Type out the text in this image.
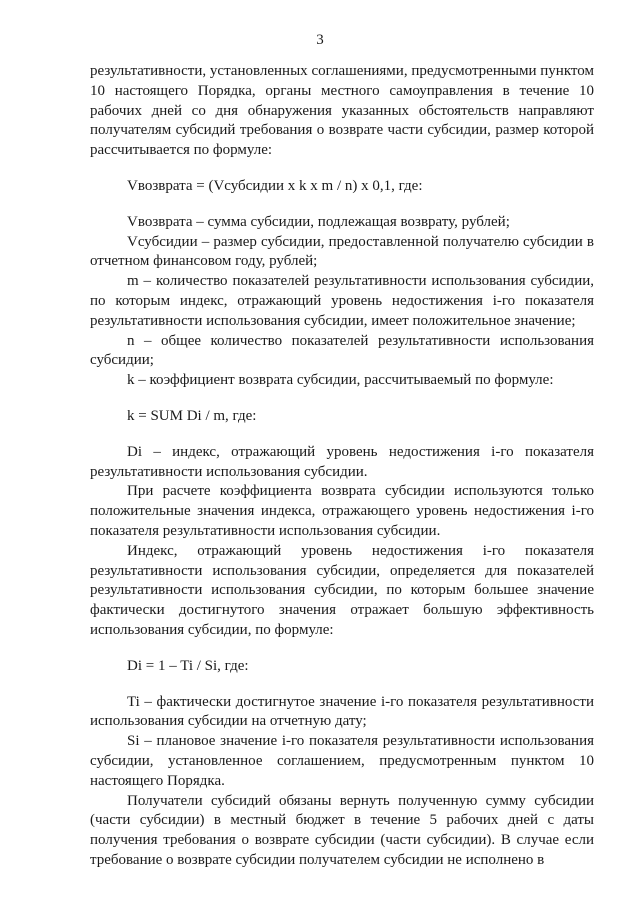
3

результативности, установленных соглашениями, предусмотренными пунктом 10 настоящего Порядка, органы местного самоуправления в течение 10 рабочих дней со дня обнаружения указанных обстоятельств направляют получателям субсидий требования о возврате части субсидии, размер которой рассчитывается по формуле:

Vвозврата = (Vсубсидии x k x m / n) x 0,1, где:

Vвозврата – сумма субсидии, подлежащая возврату, рублей;

Vсубсидии – размер субсидии, предоставленной получателю субсидии в отчетном финансовом году, рублей;

m – количество показателей результативности использования субсидии, по которым индекс, отражающий уровень недостижения i-го показателя результативности использования субсидии, имеет положительное значение;

n – общее количество показателей результативности использования субсидии;

k – коэффициент возврата субсидии, рассчитываемый по формуле:

k = SUM Di / m, где:

Di – индекс, отражающий уровень недостижения i-го показателя результативности использования субсидии.

При расчете коэффициента возврата субсидии используются только положительные значения индекса, отражающего уровень недостижения i-го показателя результативности использования субсидии.

Индекс, отражающий уровень недостижения i-го показателя результативности использования субсидии, определяется для показателей результативности использования субсидии, по которым большее значение фактически достигнутого значения отражает большую эффективность использования субсидии, по формуле:

Di = 1 – Ti / Si, где:

Ti – фактически достигнутое значение i-го показателя результативности использования субсидии на отчетную дату;

Si – плановое значение i-го показателя результативности использования субсидии, установленное соглашением, предусмотренным пунктом 10 настоящего Порядка.

Получатели субсидий обязаны вернуть полученную сумму субсидии (части субсидии) в местный бюджет в течение 5 рабочих дней с даты получения требования о возврате субсидии (части субсидии). В случае если требование о возврате субсидии получателем субсидии не исполнено в
